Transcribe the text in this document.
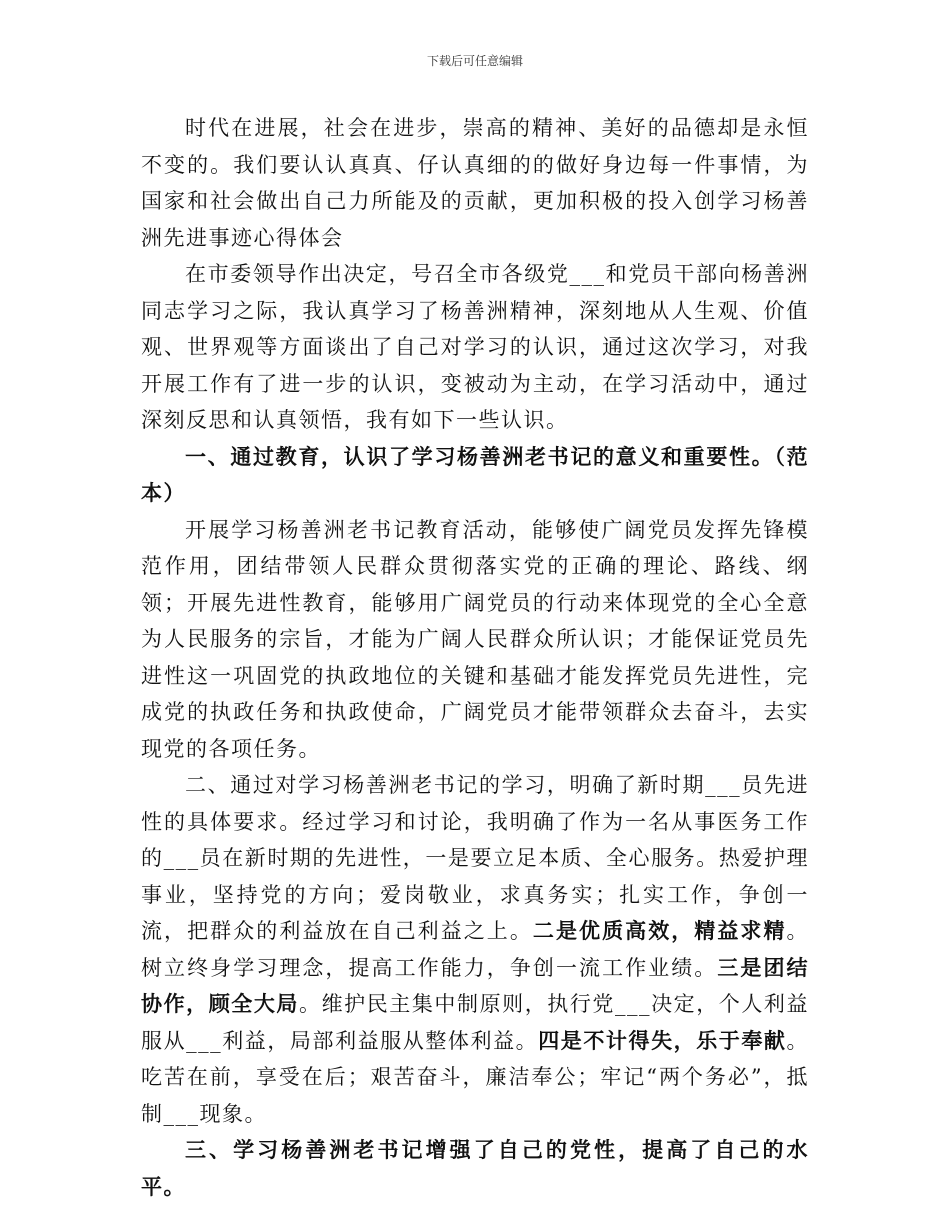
下载后可任意编辑

时代在进展，社会在进步，崇高的精神、美好的品德却是永恒不变的。我们要认认真真、仔认真细的的做好身边每一件事情，为国家和社会做出自己力所能及的贡献，更加积极的投入创学习杨善洲先进事迹心得体会

在市委领导作出决定，号召全市各级党___和党员干部向杨善洲同志学习之际，我认真学习了杨善洲精神，深刻地从人生观、价值观、世界观等方面谈出了自己对学习的认识，通过这次学习，对我开展工作有了进一步的认识，变被动为主动，在学习活动中，通过深刻反思和认真领悟，我有如下一些认识。

一、通过教育，认识了学习杨善洲老书记的意义和重要性。（范本）

开展学习杨善洲老书记教育活动，能够使广阔党员发挥先锋模范作用，团结带领人民群众贯彻落实党的正确的理论、路线、纲领；开展先进性教育，能够用广阔党员的行动来体现党的全心全意为人民服务的宗旨，才能为广阔人民群众所认识；才能保证党员先进性这一巩固党的执政地位的关键和基础才能发挥党员先进性，完成党的执政任务和执政使命，广阔党员才能带领群众去奋斗，去实现党的各项任务。

二、通过对学习杨善洲老书记的学习，明确了新时期___员先进性的具体要求。经过学习和讨论，我明确了作为一名从事医务工作的___员在新时期的先进性，一是要立足本质、全心服务。热爱护理事业，坚持党的方向；爱岗敬业，求真务实；扎实工作，争创一流，把群众的利益放在自己利益之上。二是优质高效，精益求精。树立终身学习理念，提高工作能力，争创一流工作业绩。三是团结协作，顾全大局。维护民主集中制原则，执行党___决定，个人利益服从___利益，局部利益服从整体利益。四是不计得失，乐于奉献。吃苦在前，享受在后；艰苦奋斗，廉洁奉公；牢记“两个务必”，抵制___现象。

三、学习杨善洲老书记增强了自己的党性，提高了自己的水平。
